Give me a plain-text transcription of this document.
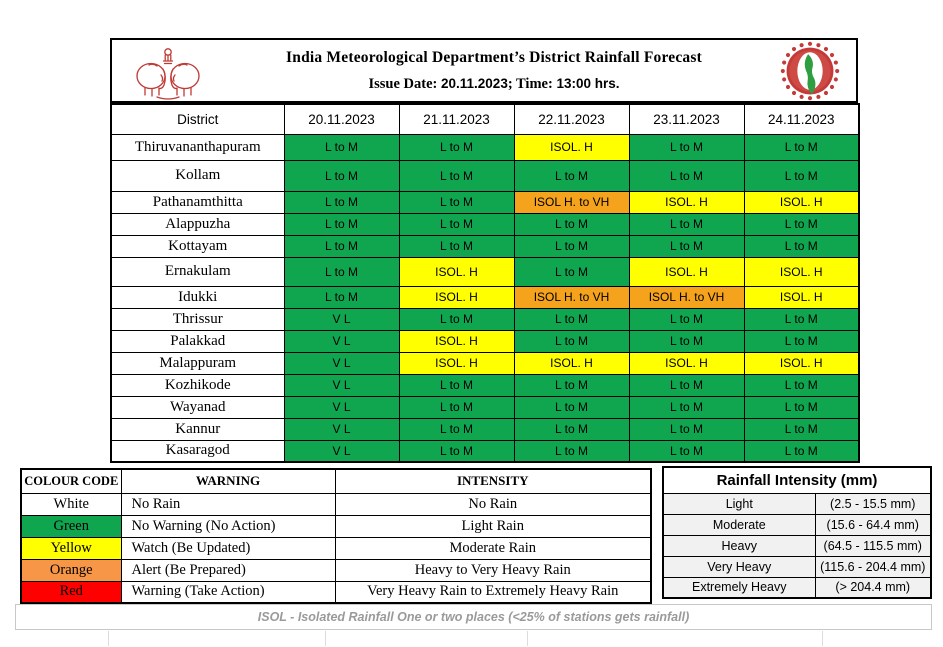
India Meteorological Department’s District Rainfall Forecast
Issue Date: 20.11.2023; Time: 13:00 hrs.
District	20.11.2023	21.11.2023	22.11.2023	23.11.2023	24.11.2023
Thiruvananthapuram	L to M	L to M	ISOL. H	L to M	L to M
Kollam	L to M	L to M	L to M	L to M	L to M
Pathanamthitta	L to M	L to M	ISOL H. to VH	ISOL. H	ISOL. H
Alappuzha	L to M	L to M	L to M	L to M	L to M
Kottayam	L to M	L to M	L to M	L to M	L to M
Ernakulam	L to M	ISOL. H	L to M	ISOL. H	ISOL. H
Idukki	L to M	ISOL. H	ISOL H. to VH	ISOL H. to VH	ISOL. H
Thrissur	V L	L to M	L to M	L to M	L to M
Palakkad	V L	ISOL. H	L to M	L to M	L to M
Malappuram	V L	ISOL. H	ISOL. H	ISOL. H	ISOL. H
Kozhikode	V L	L to M	L to M	L to M	L to M
Wayanad	V L	L to M	L to M	L to M	L to M
Kannur	V L	L to M	L to M	L to M	L to M
Kasaragod	V L	L to M	L to M	L to M	L to M
COLOUR CODE	WARNING	INTENSITY
White	No Rain	No Rain
Green	No Warning (No Action)	Light Rain
Yellow	Watch (Be Updated)	Moderate Rain
Orange	Alert (Be Prepared)	Heavy to Very Heavy Rain
Red	Warning (Take Action)	Very Heavy Rain to Extremely Heavy Rain
Rainfall Intensity (mm)	
Light	(2.5 - 15.5 mm)
Moderate	(15.6 - 64.4 mm)
Heavy	(64.5 - 115.5 mm)
Very Heavy	(115.6 - 204.4 mm)
Extremely Heavy	(> 204.4 mm)
ISOL - Isolated Rainfall One or two places (<25% of stations gets rainfall)
